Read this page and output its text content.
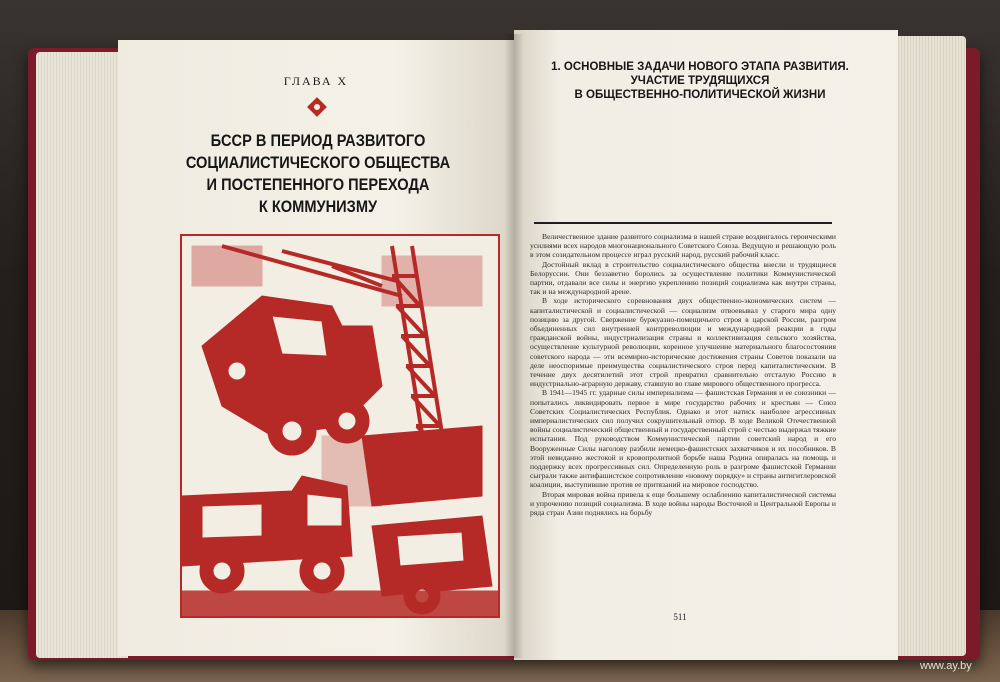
ГЛАВА X
БССР В ПЕРИОД РАЗВИТОГО
СОЦИАЛИСТИЧЕСКОГО ОБЩЕСТВА
И ПОСТЕПЕННОГО ПЕРЕХОДА
К КОММУНИЗМУ
1. ОСНОВНЫЕ ЗАДАЧИ НОВОГО ЭТАПА РАЗВИТИЯ.
УЧАСТИЕ ТРУДЯЩИХСЯ
В ОБЩЕСТВЕННО-ПОЛИТИЧЕСКОЙ ЖИЗНИ

Величественное здание развитого социализма в нашей стране воздвигалось героическими усилиями всех народов многонационального Советского Союза. Ведущую и решающую роль в этом созидательном процессе играл русский народ, русский рабочий класс.

Достойный вклад в строительство социалистического общества внесли и трудящиеся Белоруссии. Они беззаветно боролись за осуществление политики Коммунистической партии, отдавали все силы и энергию укреплению позиций социализма как внутри страны, так и на международной арене.

В ходе исторического соревнования двух общественно-экономических систем — капиталистической и социалистической — социализм отвоевывал у старого мира одну позицию за другой. Свержение буржуазно-помещичьего строя в царской России, разгром объединенных сил внутренней контрреволюции и международной реакции в годы гражданской войны, индустриализация страны и коллективизация сельского хозяйства, осуществление культурной революции, коренное улучшение материального благосостояния советского народа — эти всемирно-исторические достижения страны Советов показали на деле неоспоримые преимущества социалистического строя перед капиталистическим. В течение двух десятилетий этот строй превратил сравнительно отсталую Россию в индустриально-аграрную державу, ставшую во главе мирового общественного прогресса.

В 1941—1945 гг. ударные силы империализма — фашистская Германия и ее союзники — попытались ликвидировать первое в мире государство рабочих и крестьян — Союз Советских Социалистических Республик. Однако и этот натиск наиболее агрессивных империалистических сил получил сокрушительный отпор. В ходе Великой Отечественной войны социалистический общественный и государственный строй с честью выдержал тяжкие испытания. Под руководством Коммунистической партии советский народ и его Вооруженные Силы наголову разбили немецко-фашистских захватчиков и их пособников. В этой невиданно жестокой и кровопролитной борьбе наша Родина опиралась на помощь и поддержку всех прогрессивных сил. Определенную роль в разгроме фашистской Германии сыграли также антифашистское сопротивление «новому порядку» и страны антигитлеровской коалиции, выступившие против ее притязаний на мировое господство.

Вторая мировая война привела к еще большему ослаблению капиталистической системы и упрочению позиций социализма. В ходе войны народы Восточной и Центральной Европы и ряда стран Азии поднялись на борьбу

511
www.ay.by
